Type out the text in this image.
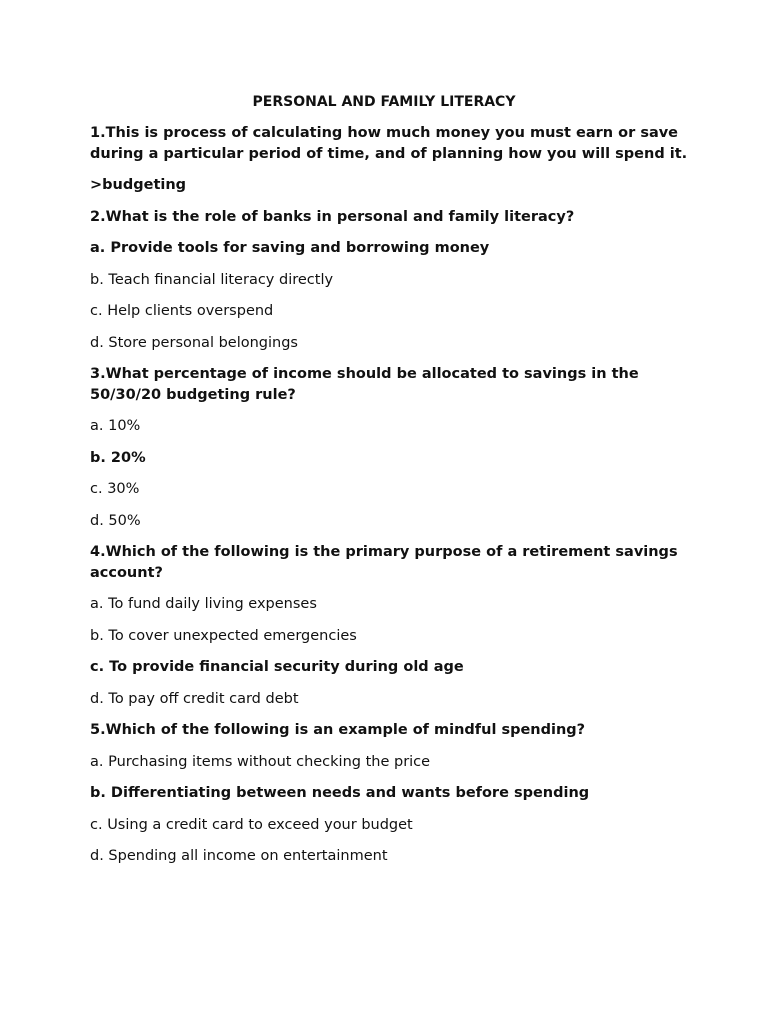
PERSONAL AND FAMILY LITERACY

1.This is process of calculating how much money you must earn or save during a particular period of time, and of planning how you will spend it.

>budgeting

2.What is the role of banks in personal and family literacy?

a. Provide tools for saving and borrowing money

b. Teach financial literacy directly

c. Help clients overspend

d. Store personal belongings

3.What percentage of income should be allocated to savings in the 50/30/20 budgeting rule?

a. 10%

b. 20%

c. 30%

d. 50%

4.Which of the following is the primary purpose of a retirement savings account?

a. To fund daily living expenses

b. To cover unexpected emergencies

c. To provide financial security during old age

d. To pay off credit card debt

5.Which of the following is an example of mindful spending?

a. Purchasing items without checking the price

b. Differentiating between needs and wants before spending

c. Using a credit card to exceed your budget

d. Spending all income on entertainment
